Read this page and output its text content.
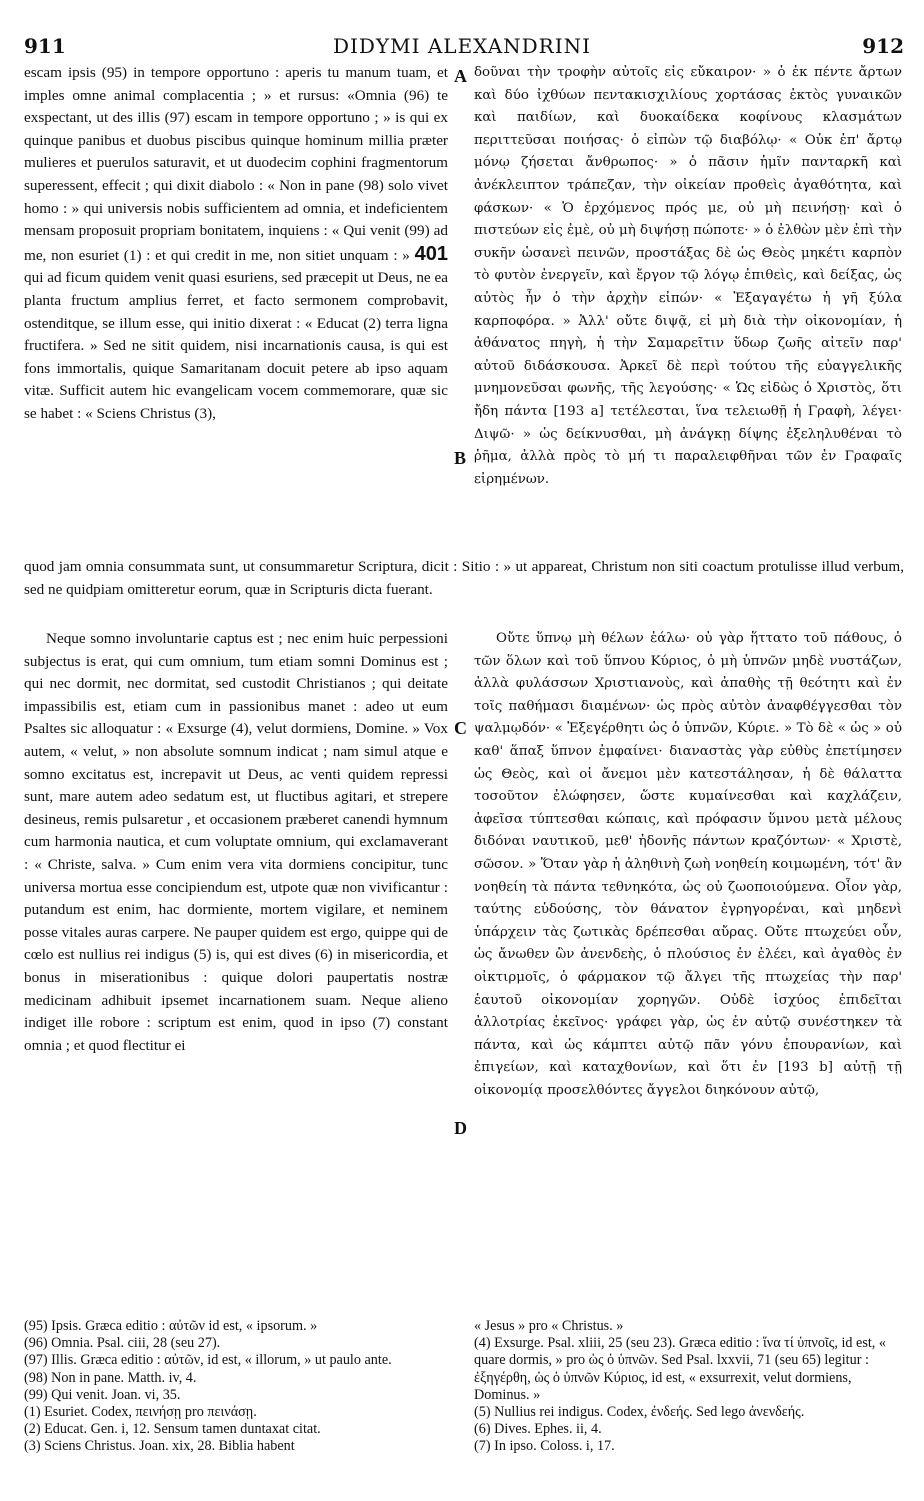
911	DIDYMI ALEXANDRINI	912

escam ipsis (95) in tempore opportuno : aperis tu manum tuam, et imples omne animal complacentia ; » et rursus: «Omnia (96) te exspectant, ut des illis (97) escam in tempore opportuno ; » is qui ex quinque panibus et duobus piscibus quinque hominum millia præter mulieres et puerulos saturavit, et ut duodecim cophini fragmentorum superessent, effecit ; qui dixit diabolo : « Non in pane (98) solo vivet homo : » qui universis nobis sufficientem ad omnia, et indeficientem mensam proposuit propriam bonitatem, inquiens : « Qui venit (99) ad me, non esuriet (1) : et qui credit in me, non sitiet unquam : » 401 qui ad ficum quidem venit quasi esuriens, sed præcepit ut Deus, ne ea planta fructum amplius ferret, et facto sermonem comprobavit, ostenditque, se illum esse, qui initio dixerat : « Educat (2) terra ligna fructifera. » Sed ne sitit quidem, nisi incarnationis causa, is qui est fons immortalis, quique Samaritanam docuit petere ab ipso aquam vitæ. Sufficit autem hic evangelicam vocem commemorare, quæ sic se habet : « Sciens Christus (3),

A
B

δοῦναι τὴν τροφὴν αὐτοῖς εἰς εὔκαιρον· » ὁ ἐκ πέντε ἄρτων καὶ δύο ἰχθύων πεντακισχιλίους χορτάσας ἐκτὸς γυναικῶν καὶ παιδίων, καὶ δυοκαίδεκα κοφίνους κλασμάτων περιττεῦσαι ποιήσας· ὁ εἰπὼν τῷ διαβόλῳ· « Οὐκ ἐπ' ἄρτῳ μόνῳ ζήσεται ἄνθρωπος· » ὁ πᾶσιν ἡμῖν πανταρκῆ καὶ ἀνέκλειπτον τράπεζαν, τὴν οἰκείαν προθεὶς ἀγαθότητα, καὶ φάσκων· « Ὁ ἐρχόμενος πρός με, οὐ μὴ πεινήσῃ· καὶ ὁ πιστεύων εἰς ἐμὲ, οὐ μὴ διψήσῃ πώποτε· » ὁ ἐλθὼν μὲν ἐπὶ τὴν συκῆν ὡσανεὶ πεινῶν, προστάξας δὲ ὡς Θεὸς μηκέτι καρπὸν τὸ φυτὸν ἐνεργεῖν, καὶ ἔργον τῷ λόγῳ ἐπιθεὶς, καὶ δείξας, ὡς αὐτὸς ἦν ὁ τὴν ἀρχὴν εἰπών· « Ἐξαγαγέτω ἡ γῆ ξύλα καρποφόρα. » Ἀλλ' οὔτε διψᾷ, εἰ μὴ διὰ τὴν οἰκονομίαν, ἡ ἀθάνατος πηγὴ, ἡ τὴν Σαμαρεῖτιν ὕδωρ ζωῆς αἰτεῖν παρ' αὐτοῦ διδάσκουσα. Ἀρκεῖ δὲ περὶ τούτου τῆς εὐαγγελικῆς μνημονεῦσαι φωνῆς, τῆς λεγούσης· « Ὡς εἰδὼς ὁ Χριστὸς, ὅτι ἤδη πάντα [193 a] τετέλεσται, ἵνα τελειωθῇ ἡ Γραφὴ, λέγει· Διψῶ· » ὡς δείκνυσθαι, μὴ ἀνάγκῃ δίψης ἐξεληλυθέναι τὸ ῥῆμα, ἀλλὰ πρὸς τὸ μή τι παραλειφθῆναι τῶν ἐν Γραφαῖς εἰρημένων.

quod jam omnia consummata sunt, ut consummaretur Scriptura, dicit : Sitio : » ut appareat, Christum non siti coactum protulisse illud verbum, sed ne quidpiam omitteretur eorum, quæ in Scripturis dicta fuerant.

Neque somno involuntarie captus est ; nec enim huic perpessioni subjectus is erat, qui cum omnium, tum etiam somni Dominus est ; qui nec dormit, nec dormitat, sed custodit Christianos ; qui deitate impassibilis est, etiam cum in passionibus manet : adeo ut eum Psaltes sic alloquatur : « Exsurge (4), velut dormiens, Domine. » Vox autem, « velut, » non absolute somnum indicat ; nam simul atque e somno excitatus est, increpavit ut Deus, ac venti quidem repressi sunt, mare autem adeo sedatum est, ut fluctibus agitari, et strepere desineus, remis pulsaretur , et occasionem præberet canendi hymnum cum harmonia nautica, et cum voluptate omnium, qui exclamaverant : « Christe, salva. » Cum enim vera vita dormiens concipitur, tunc universa mortua esse concipiendum est, utpote quæ non vivificantur : putandum est enim, hac dormiente, mortem vigilare, et neminem posse vitales auras carpere. Ne pauper quidem est ergo, quippe qui de cœlo est nullius rei indigus (5) is, qui est dives (6) in misericordia, et bonus in miserationibus : quique dolori paupertatis nostræ medicinam adhibuit ipsemet incarnationem suam. Neque alieno indiget ille robore : scriptum est enim, quod in ipso (7) constant omnia ; et quod flectitur ei

C
D

Οὔτε ὕπνῳ μὴ θέλων ἑάλω· οὐ γὰρ ἥττατο τοῦ πάθους, ὁ τῶν ὅλων καὶ τοῦ ὕπνου Κύριος, ὁ μὴ ὑπνῶν μηδὲ νυστάζων, ἀλλὰ φυλάσσων Χριστιανοὺς, καὶ ἀπαθὴς τῇ θεότητι καὶ ἐν τοῖς παθήμασι διαμένων· ὡς πρὸς αὐτὸν ἀναφθέγγεσθαι τὸν ψαλμῳδόν· « Ἐξεγέρθητι ὡς ὁ ὑπνῶν, Κύριε. » Τὸ δὲ « ὡς » οὐ καθ' ἅπαξ ὕπνον ἐμφαίνει· διαναστὰς γὰρ εὐθὺς ἐπετίμησεν ὡς Θεὸς, καὶ οἱ ἄνεμοι μὲν κατεστάλησαν, ἡ δὲ θάλαττα τοσοῦτον ἐλώφησεν, ὥστε κυμαίνεσθαι καὶ καχλάζειν, ἀφεῖσα τύπτεσθαι κώπαις, καὶ πρόφασιν ὕμνου μετὰ μέλους διδόναι ναυτικοῦ, μεθ' ἡδονῆς πάντων κραζόντων· « Χριστὲ, σῶσον. » Ὅταν γὰρ ἡ ἀληθινὴ ζωὴ νοηθείη κοιμωμένη, τότ' ἂν νοηθείη τὰ πάντα τεθνηκότα, ὡς οὐ ζωοποιούμενα. Οἷον γὰρ, ταύτης εὑδούσης, τὸν θάνατον ἐγρηγορέναι, καὶ μηδενὶ ὑπάρχειν τὰς ζωτικὰς δρέπεσθαι αὔρας. Οὔτε πτωχεύει οὖν, ὡς ἄνωθεν ὢν ἀνενδεὴς, ὁ πλούσιος ἐν ἐλέει, καὶ ἀγαθὸς ἐν οἰκτιρμοῖς, ὁ φάρμακον τῷ ἄλγει τῆς πτωχείας τὴν παρ' ἑαυτοῦ οἰκονομίαν χορηγῶν. Οὐδὲ ἰσχύος ἐπιδεῖται ἀλλοτρίας ἐκεῖνος· γράφει γὰρ, ὡς ἐν αὐτῷ συνέστηκεν τὰ πάντα, καὶ ὡς κάμπτει αὐτῷ πᾶν γόνυ ἐπουρανίων, καὶ ἐπιγείων, καὶ καταχθονίων, καὶ ὅτι ἐν [193 b] αὐτῇ τῇ οἰκονομίᾳ προσελθόντες ἄγγελοι διηκόνουν αὐτῷ,

(95) Ipsis. Græca editio : αὐτῶν id est, « ipsorum. »

(96) Omnia. Psal. ciii, 28 (seu 27).

(97) Illis. Græca editio : αὐτῶν, id est, « illorum, » ut paulo ante.

(98) Non in pane. Matth. iv, 4.

(99) Qui venit. Joan. vi, 35.

(1) Esuriet. Codex, πεινήσῃ pro πεινάσῃ.

(2) Educat. Gen. i, 12. Sensum tamen duntaxat citat.

(3) Sciens Christus. Joan. xix, 28. Biblia habent

« Jesus » pro « Christus. »

(4) Exsurge. Psal. xliii, 25 (seu 23). Græca editio : ἵνα τί ὑπνοῖς, id est, « quare dormis, » pro ὡς ὁ ὑπνῶν. Sed Psal. lxxvii, 71 (seu 65) legitur : ἐξηγέρθη, ὡς ὁ ὑπνῶν Κύριος, id est, « exsurrexit, velut dormiens, Dominus. »

(5) Nullius rei indigus. Codex, ἐνδεής. Sed lego ἀνενδεής.

(6) Dives. Ephes. ii, 4.

(7) In ipso. Coloss. i, 17.
